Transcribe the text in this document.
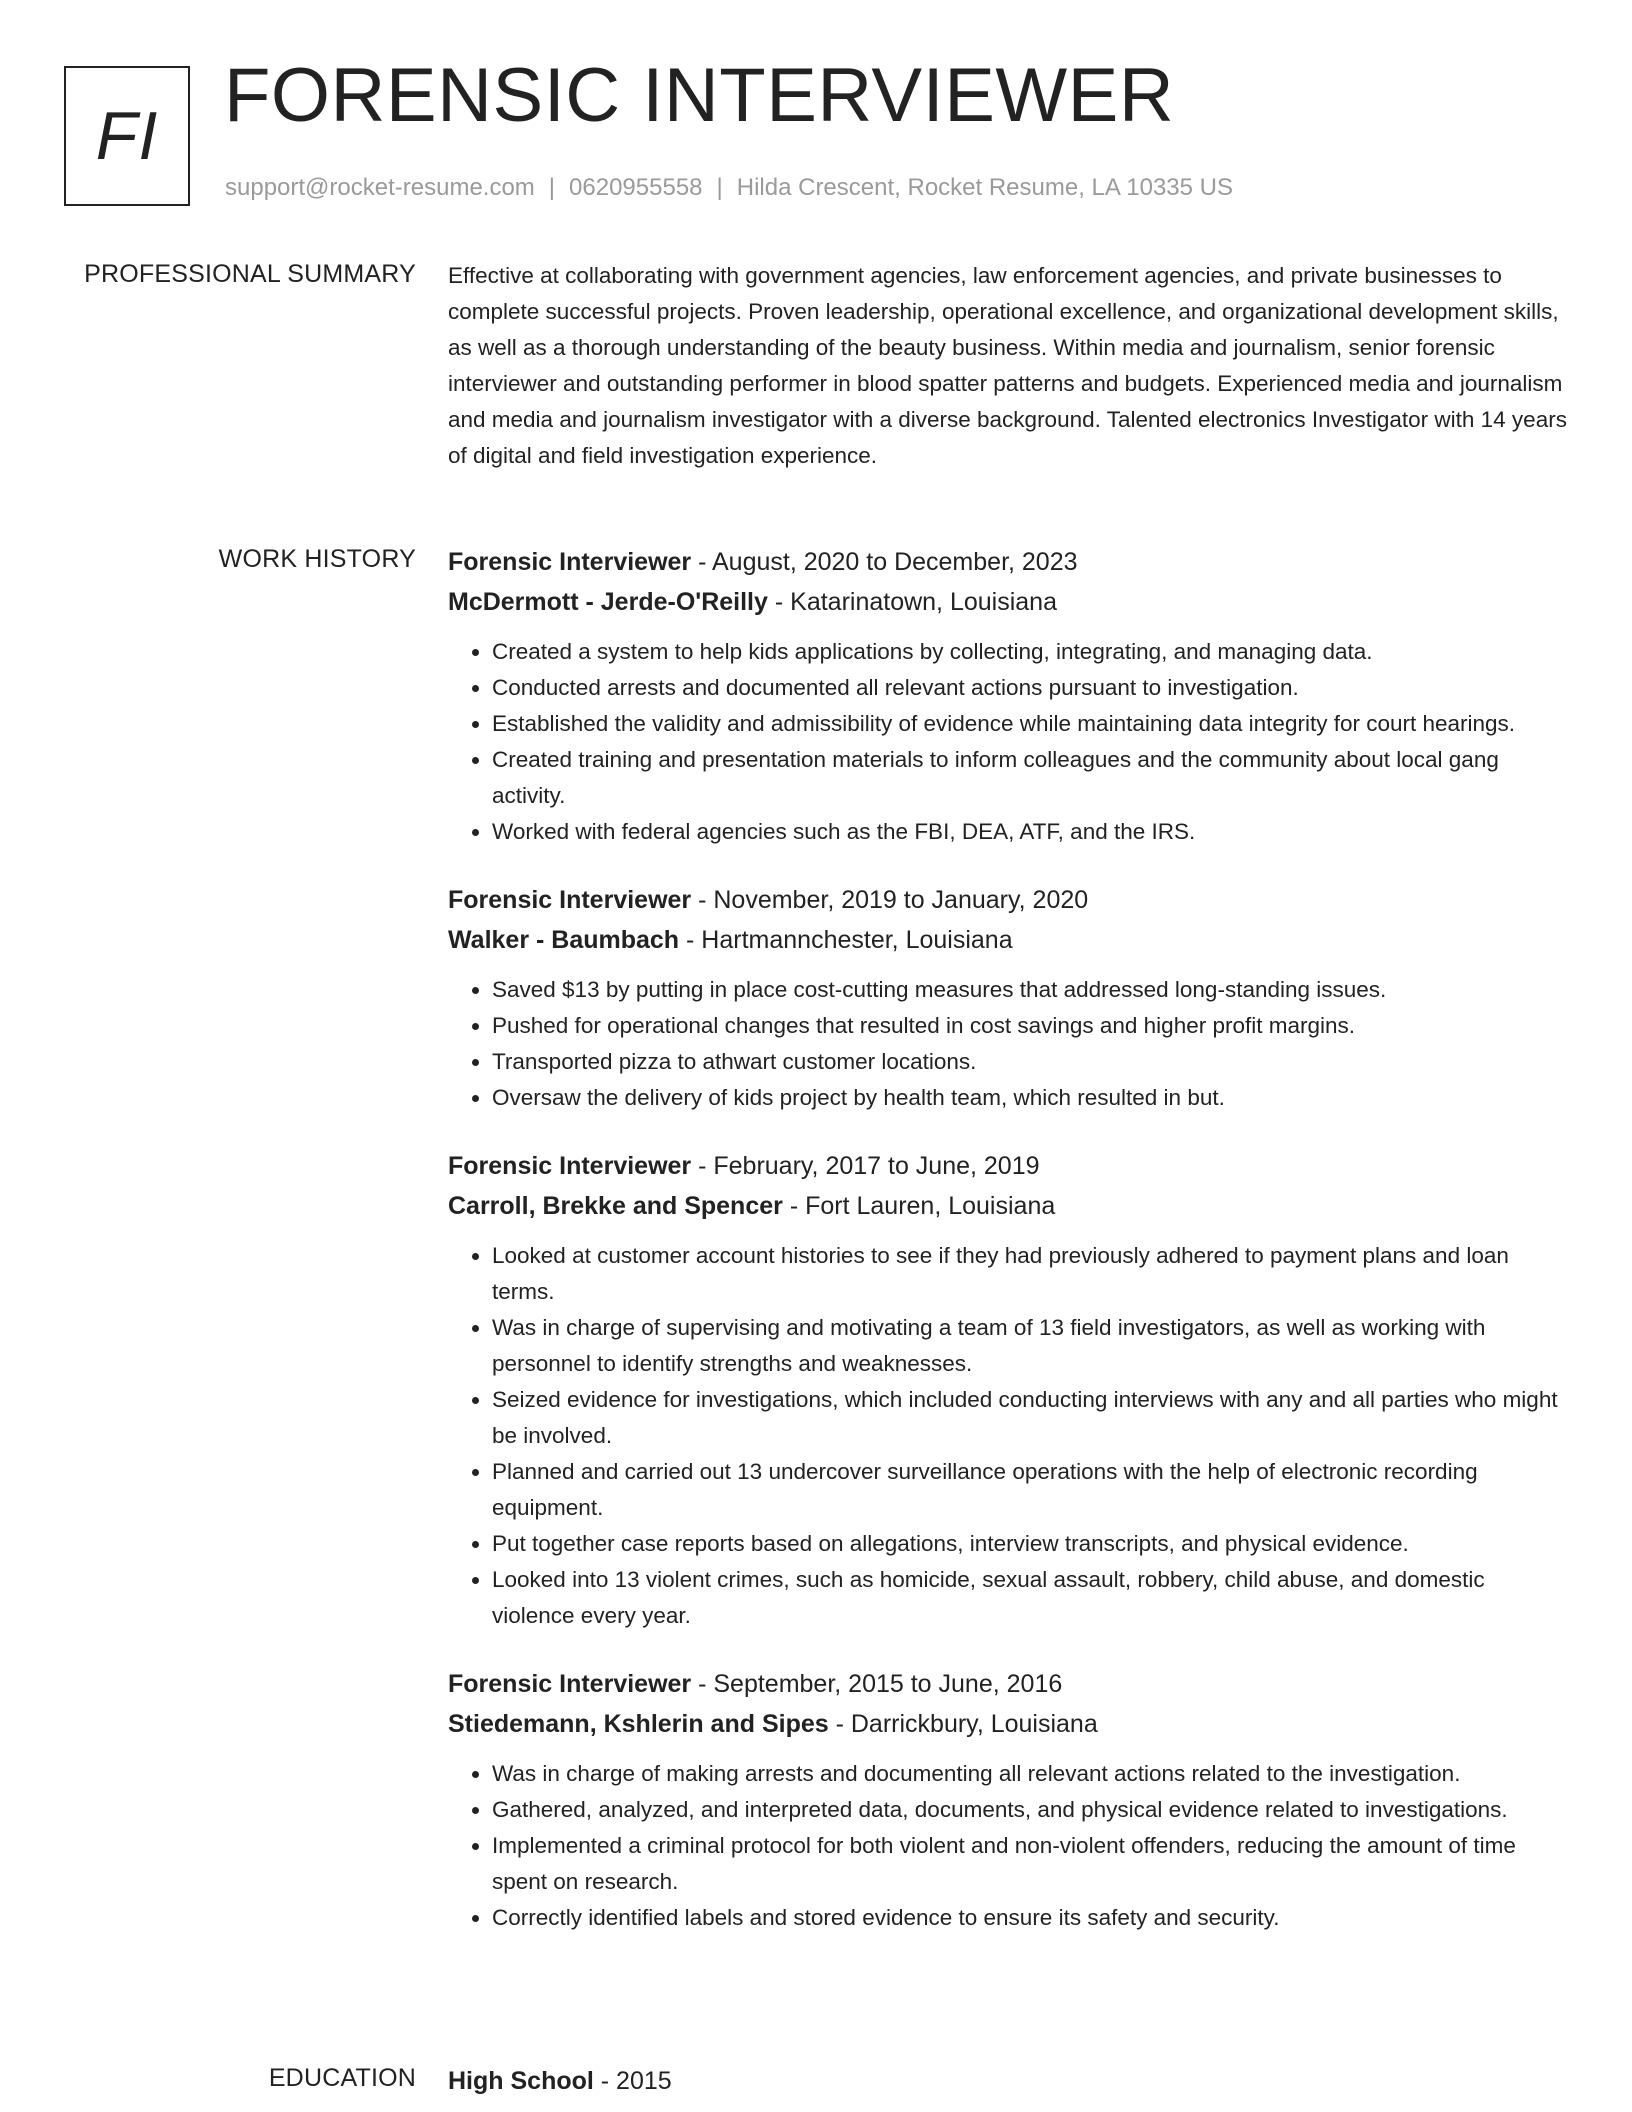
FI FORENSIC INTERVIEWER
support@rocket-resume.com | 0620955558 | Hilda Crescent, Rocket Resume, LA 10335 US
PROFESSIONAL SUMMARY Effective at collaborating with government agencies, law enforcement agencies, and private businesses to complete successful projects. Proven leadership, operational excellence, and organizational development skills, as well as a thorough understanding of the beauty business. Within media and journalism, senior forensic interviewer and outstanding performer in blood spatter patterns and budgets. Experienced media and journalism and media and journalism investigator with a diverse background. Talented electronics Investigator with 14 years of digital and field investigation experience.

WORK HISTORY Forensic Interviewer - August, 2020 to December, 2023
McDermott - Jerde-O'Reilly - Katarinatown, Louisiana
• Created a system to help kids applications by collecting, integrating, and managing data.
• Conducted arrests and documented all relevant actions pursuant to investigation.
• Established the validity and admissibility of evidence while maintaining data integrity for court hearings.
• Created training and presentation materials to inform colleagues and the community about local gang activity.
• Worked with federal agencies such as the FBI, DEA, ATF, and the IRS.
Forensic Interviewer - November, 2019 to January, 2020
Walker - Baumbach - Hartmannchester, Louisiana
• Saved $13 by putting in place cost-cutting measures that addressed long-standing issues.
• Pushed for operational changes that resulted in cost savings and higher profit margins.
• Transported pizza to athwart customer locations.
• Oversaw the delivery of kids project by health team, which resulted in but.
Forensic Interviewer - February, 2017 to June, 2019
Carroll, Brekke and Spencer - Fort Lauren, Louisiana
• Looked at customer account histories to see if they had previously adhered to payment plans and loan terms.
• Was in charge of supervising and motivating a team of 13 field investigators, as well as working with personnel to identify strengths and weaknesses.
• Seized evidence for investigations, which included conducting interviews with any and all parties who might be involved.
• Planned and carried out 13 undercover surveillance operations with the help of electronic recording equipment.
• Put together case reports based on allegations, interview transcripts, and physical evidence.
• Looked into 13 violent crimes, such as homicide, sexual assault, robbery, child abuse, and domestic violence every year.
Forensic Interviewer - September, 2015 to June, 2016
Stiedemann, Kshlerin and Sipes - Darrickbury, Louisiana
• Was in charge of making arrests and documenting all relevant actions related to the investigation.
• Gathered, analyzed, and interpreted data, documents, and physical evidence related to investigations.
• Implemented a criminal protocol for both violent and non-violent offenders, reducing the amount of time spent on research.
• Correctly identified labels and stored evidence to ensure its safety and security.
EDUCATION High School - 2015
